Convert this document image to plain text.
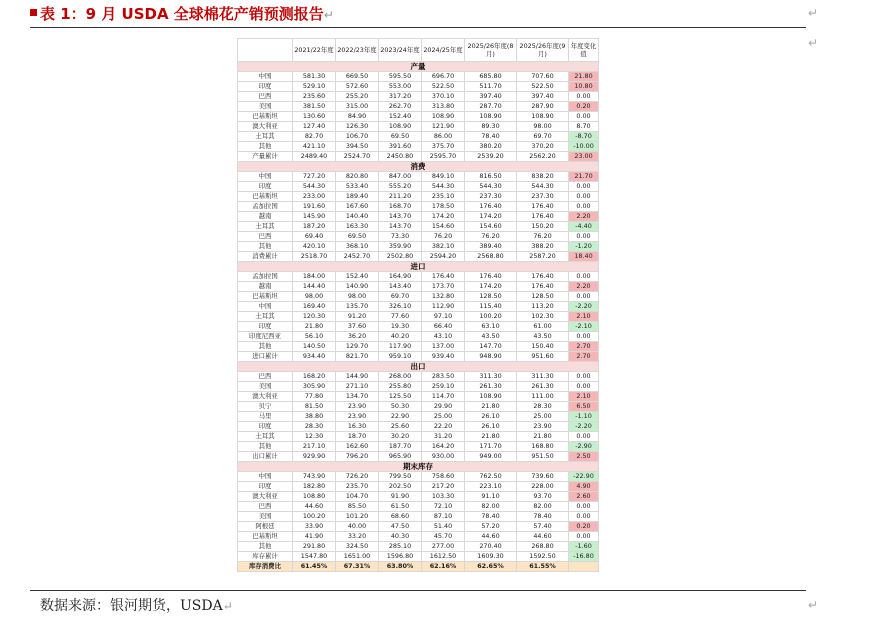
表 1：9 月 USDA 全球棉花产销预测报告↵	↵
↵
	2021/22年度	2022/23年度	2023/24年度	2024/25年度	2025/26年度(8月)	2025/26年度(9月)	年度变化值
产量							
中国	581.30	669.50	595.50	696.70	685.80	707.60	21.80
印度	529.10	572.60	553.00	522.50	511.70	522.50	10.80
巴西	235.60	255.20	317.20	370.10	397.40	397.40	0.00
美国	381.50	315.00	262.70	313.80	287.70	287.90	0.20
巴基斯坦	130.60	84.90	152.40	108.90	108.90	108.90	0.00
澳大利亚	127.40	126.30	108.90	121.90	89.30	98.00	8.70
土耳其	82.70	106.70	69.50	86.00	78.40	69.70	-8.70
其他	421.10	394.50	391.60	375.70	380.20	370.20	-10.00
产量累计	2489.40	2524.70	2450.80	2595.70	2539.20	2562.20	23.00
消费							
中国	727.20	820.80	847.00	849.10	816.50	838.20	21.70
印度	544.30	533.40	555.20	544.30	544.30	544.30	0.00
巴基斯坦	233.00	189.40	211.20	235.10	237.30	237.30	0.00
孟加拉国	191.60	167.60	168.70	178.50	176.40	176.40	0.00
越南	145.90	140.40	143.70	174.20	174.20	176.40	2.20
土耳其	187.20	163.30	143.70	154.60	154.60	150.20	-4.40
巴西	69.40	69.50	73.30	76.20	76.20	76.20	0.00
其他	420.10	368.10	359.90	382.10	389.40	388.20	-1.20
消费累计	2518.70	2452.70	2502.80	2594.20	2568.80	2587.20	18.40
进口							
孟加拉国	184.00	152.40	164.90	176.40	176.40	176.40	0.00
越南	144.40	140.90	143.40	173.70	174.20	176.40	2.20
巴基斯坦	98.00	98.00	69.70	132.80	128.50	128.50	0.00
中国	169.40	135.70	326.10	112.90	115.40	113.20	-2.20
土耳其	120.30	91.20	77.60	97.10	100.20	102.30	2.10
印度	21.80	37.60	19.30	66.40	63.10	61.00	-2.10
印度尼西亚	56.10	36.20	40.20	43.10	43.50	43.50	0.00
其他	140.50	129.70	117.90	137.00	147.70	150.40	2.70
进口累计	934.40	821.70	959.10	939.40	948.90	951.60	2.70
出口							
巴西	168.20	144.90	268.00	283.50	311.30	311.30	0.00
美国	305.90	271.10	255.80	259.10	261.30	261.30	0.00
澳大利亚	77.80	134.70	125.50	114.70	108.90	111.00	2.10
贝宁	81.50	23.90	50.30	29.90	21.80	28.30	6.50
马里	38.80	23.90	22.90	25.00	26.10	25.00	-1.10
印度	28.30	16.30	25.60	22.20	26.10	23.90	-2.20
土耳其	12.30	18.70	30.20	31.20	21.80	21.80	0.00
其他	217.10	162.60	187.70	164.20	171.70	168.80	-2.90
出口累计	929.90	796.20	965.90	930.00	949.00	951.50	2.50
期末库存							
中国	743.90	726.20	799.50	758.60	762.50	739.60	-22.90
印度	182.80	235.70	202.50	217.20	223.10	228.00	4.90
澳大利亚	108.80	104.70	91.90	103.30	91.10	93.70	2.60
巴西	44.60	85.50	61.50	72.10	82.00	82.00	0.00
美国	100.20	101.20	68.60	87.10	78.40	78.40	0.00
阿根廷	33.90	40.00	47.50	51.40	57.20	57.40	0.20
巴基斯坦	41.90	33.20	40.30	45.70	44.60	44.60	0.00
其他	291.80	324.50	285.10	277.00	270.40	268.80	-1.60
库存累计	1547.80	1651.00	1596.80	1612.50	1609.30	1592.50	-16.80
库存消费比	61.45%	67.31%	63.80%	62.16%	62.65%	61.55%	
数据来源：银河期货，USDA↵	↵
